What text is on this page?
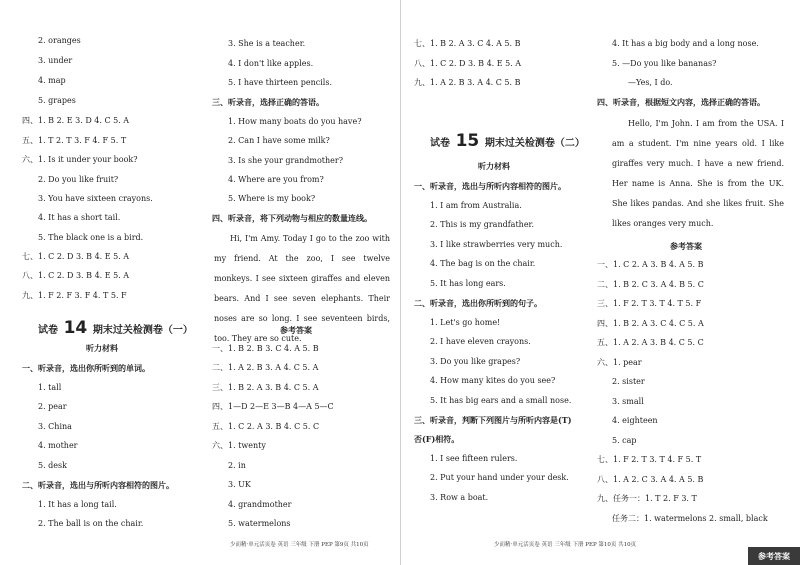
2. oranges
3. under
4. map
5. grapes
四、1. B 2. E 3. D 4. C 5. A
五、1. T 2. T 3. F 4. F 5. T
六、1. Is it under your book?
2. Do you like fruit?
3. You have sixteen crayons.
4. It has a short tail.
5. The black one is a bird.
七、1. C 2. D 3. B 4. E 5. A
八、1. C 2. D 3. B 4. E 5. A
九、1. F 2. F 3. F 4. T 5. F
一、听录音，选出你所听到的单词。
1. tall
2. pear
3. China
4. mother
5. desk
二、听录音，选出与所听内容相符的图片。
1. It has a long tail.
2. The ball is on the chair.
3. She is a teacher.
4. I don't like apples.
5. I have thirteen pencils.
三、听录音，选择正确的答语。
1. How many boats do you have?
2. Can I have some milk?
3. Is she your grandmother?
4. Where are you from?
5. Where is my book?
四、听录音，将下列动物与相应的数量连线。
一、1. B 2. B 3. C 4. A 5. B
二、1. A 2. B 3. A 4. C 5. A
三、1. B 2. A 3. B 4. C 5. A
四、1—D 2—E 3—B 4—A 5—C
五、1. C 2. A 3. B 4. C 5. C
六、1. twenty
2. in
3. UK
4. grandmother
5. watermelons
七、1. B 2. A 3. C 4. A 5. B
八、1. C 2. D 3. B 4. E 5. A
九、1. A 2. B 3. A 4. C 5. B
一、听录音，选出与所听内容相符的图片。
1. I am from Australia.
2. This is my grandfather.
3. I like strawberries very much.
4. The bag is on the chair.
5. It has long ears.
二、听录音，选出你所听到的句子。
1. Let's go home!
2. I have eleven crayons.
3. Do you like grapes?
4. How many kites do you see?
5. It has big ears and a small nose.
三、听录音，判断下列图片与所听内容是(T)
否(F)相符。
1. I see fifteen rulers.
2. Put your hand under your desk.
3. Row a boat.
4. It has a big body and a long nose.
5. —Do you like bananas?
—Yes, I do.
四、听录音，根据短文内容，选择正确的答语。
一、1. C 2. A 3. B 4. A 5. B
二、1. B 2. C 3. A 4. B 5. C
三、1. F 2. T 3. T 4. T 5. F
四、1. B 2. A 3. C 4. C 5. A
五、1. A 2. A 3. B 4. C 5. C
六、1. pear
2. sister
3. small
4. eighteen
5. cap
七、1. F 2. T 3. T 4. F 5. T
八、1. A 2. C 3. A 4. A 5. B
九、任务一：1. T 2. F 3. T
任务二：1. watermelons 2. small, black
试卷 14 期末过关检测卷（一）
听力材料
Hi, I'm Amy. Today I go to the zoo with my friend. At the zoo, I see twelve monkeys. I see sixteen giraffes and eleven bears. And I see seven elephants. Their noses are so long. I see seventeen birds, too. They are so cute.
参考答案
试卷 15 期末过关检测卷（二）
听力材料
Hello, I'm John. I am from the USA. I am a student. I'm nine years old. I like giraffes very much. I have a new friend. Her name is Anna. She is from the UK. She likes pandas. And she likes fruit. She likes oranges very much.
参考答案
少而精·单元活页卷 英语 三年级 下册 PEP 第9页 共10页	少而精·单元活页卷 英语 三年级 下册 PEP 第10页 共10页
参考答案
